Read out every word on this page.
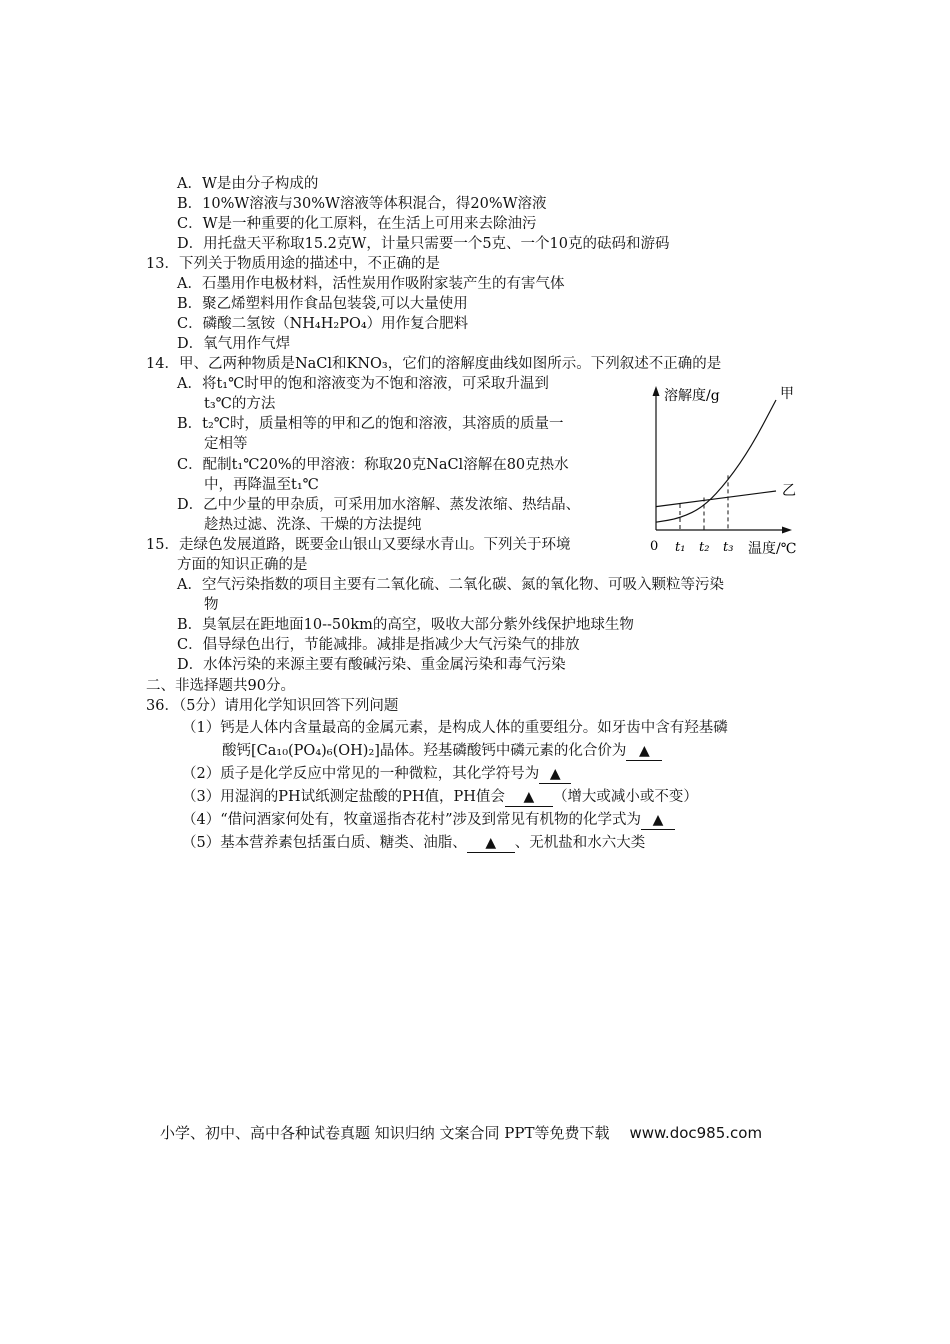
A．W是由分子构成的
B．10%W溶液与30%W溶液等体积混合，得20%W溶液
C．W是一种重要的化工原料，在生活上可用来去除油污
D．用托盘天平称取15.2克W，计量只需要一个5克、一个10克的砝码和游码
13．下列关于物质用途的描述中，不正确的是
A．石墨用作电极材料，活性炭用作吸附家装产生的有害气体
B．聚乙烯塑料用作食品包装袋,可以大量使用
C．磷酸二氢铵（NH₄H₂PO₄）用作复合肥料
D．氧气用作气焊
14．甲、乙两种物质是NaCl和KNO₃，它们的溶解度曲线如图所示。下列叙述不正确的是
A．将t₁℃时甲的饱和溶液变为不饱和溶液，可采取升温到
t₃℃的方法
B．t₂℃时，质量相等的甲和乙的饱和溶液，其溶质的质量一
定相等
C．配制t₁℃20%的甲溶液：称取20克NaCl溶解在80克热水
中，再降温至t₁℃
D．乙中少量的甲杂质，可采用加水溶解、蒸发浓缩、热结晶、
趁热过滤、洗涤、干燥的方法提纯
溶解度/g
温度/℃
0
甲
乙
t₁ t₂ t₃
15．走绿色发展道路，既要金山银山又要绿水青山。下列关于环境
方面的知识正确的是
A．空气污染指数的项目主要有二氧化硫、二氧化碳、氮的氧化物、可吸入颗粒等污染
物
B．臭氧层在距地面10--50km的高空，吸收大部分紫外线保护地球生物
C．倡导绿色出行，节能减排。减排是指减少大气污染气的排放
D．水体污染的来源主要有酸碱污染、重金属污染和毒气污染
二、非选择题共90分。
36．（5分）请用化学知识回答下列问题
（1）钙是人体内含量最高的金属元素，是构成人体的重要组分。如牙齿中含有羟基磷
酸钙[Ca₁₀(PO₄)₆(OH)₂]晶体。羟基磷酸钙中磷元素的化合价为 ▲
（2）质子是化学反应中常见的一种微粒，其化学符号为 ▲
（3）用湿润的PH试纸测定盐酸的PH值，PH值会 ▲ （增大或减小或不变）
（4）“借问酒家何处有，牧童遥指杏花村”涉及到常见有机物的化学式为 ▲
（5）基本营养素包括蛋白质、糖类、油脂、 ▲ 、无机盐和水六大类
小学、初中、高中各种试卷真题 知识归纳 文案合同 PPT等免费下载 www.doc985.com
